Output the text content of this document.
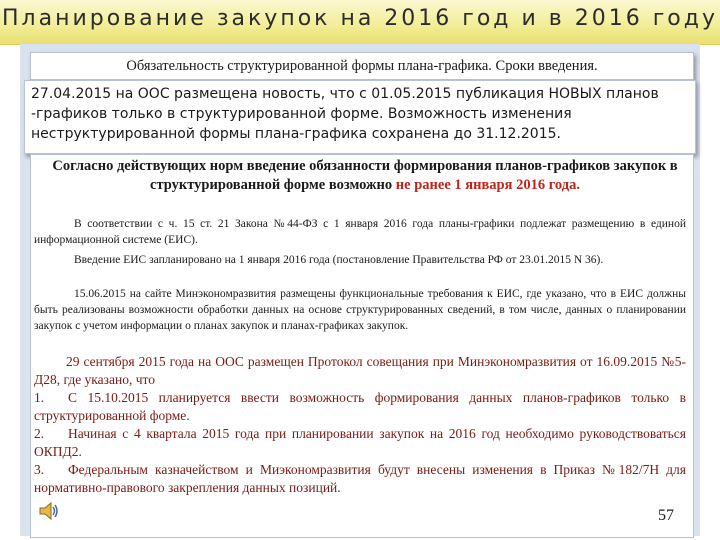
Планирование закупок на 2016 год и в 2016 году
Обязательность структурированной формы плана-графика. Сроки введения.
27.04.2015 на ООС размещена новость, что с 01.05.2015 публикация НОВЫХ планов -графиков только в структурированной форме. Возможность изменения неструктурированной формы плана-графика сохранена до 31.12.2015.
Согласно действующих норм введение обязанности формирования планов-графиков закупок в структурированной форме возможно не ранее 1 января 2016 года.
В соответствии с ч. 15 ст. 21 Закона №44-ФЗ с 1 января 2016 года планы-графики подлежат размещению в единой информационной системе (ЕИС).
Введение ЕИС запланировано на 1 января 2016 года (постановление Правительства РФ от 23.01.2015 N 36).
15.06.2015 на сайте Минэкономразвития размещены функциональные требования к ЕИС, где указано, что в ЕИС должны быть реализованы возможности обработки данных на основе структурированных сведений, в том числе, данных о планировании закупок с учетом информации о планах закупок и планах-графиках закупок.

29 сентября 2015 года на ООС размещен Протокол совещания при Минэкономразвития от 16.09.2015 №5-Д28, где указано, что

1. С 15.10.2015 планируется ввести возможность формирования данных планов-графиков только в структурированной форме.

2. Начиная с 4 квартала 2015 года при планировании закупок на 2016 год необходимо руководствоваться ОКПД2.

3. Федеральным казначейством и Миэкономразвития будут внесены изменения в Приказ №182/7Н для нормативно-правового закрепления данных позиций.

57
